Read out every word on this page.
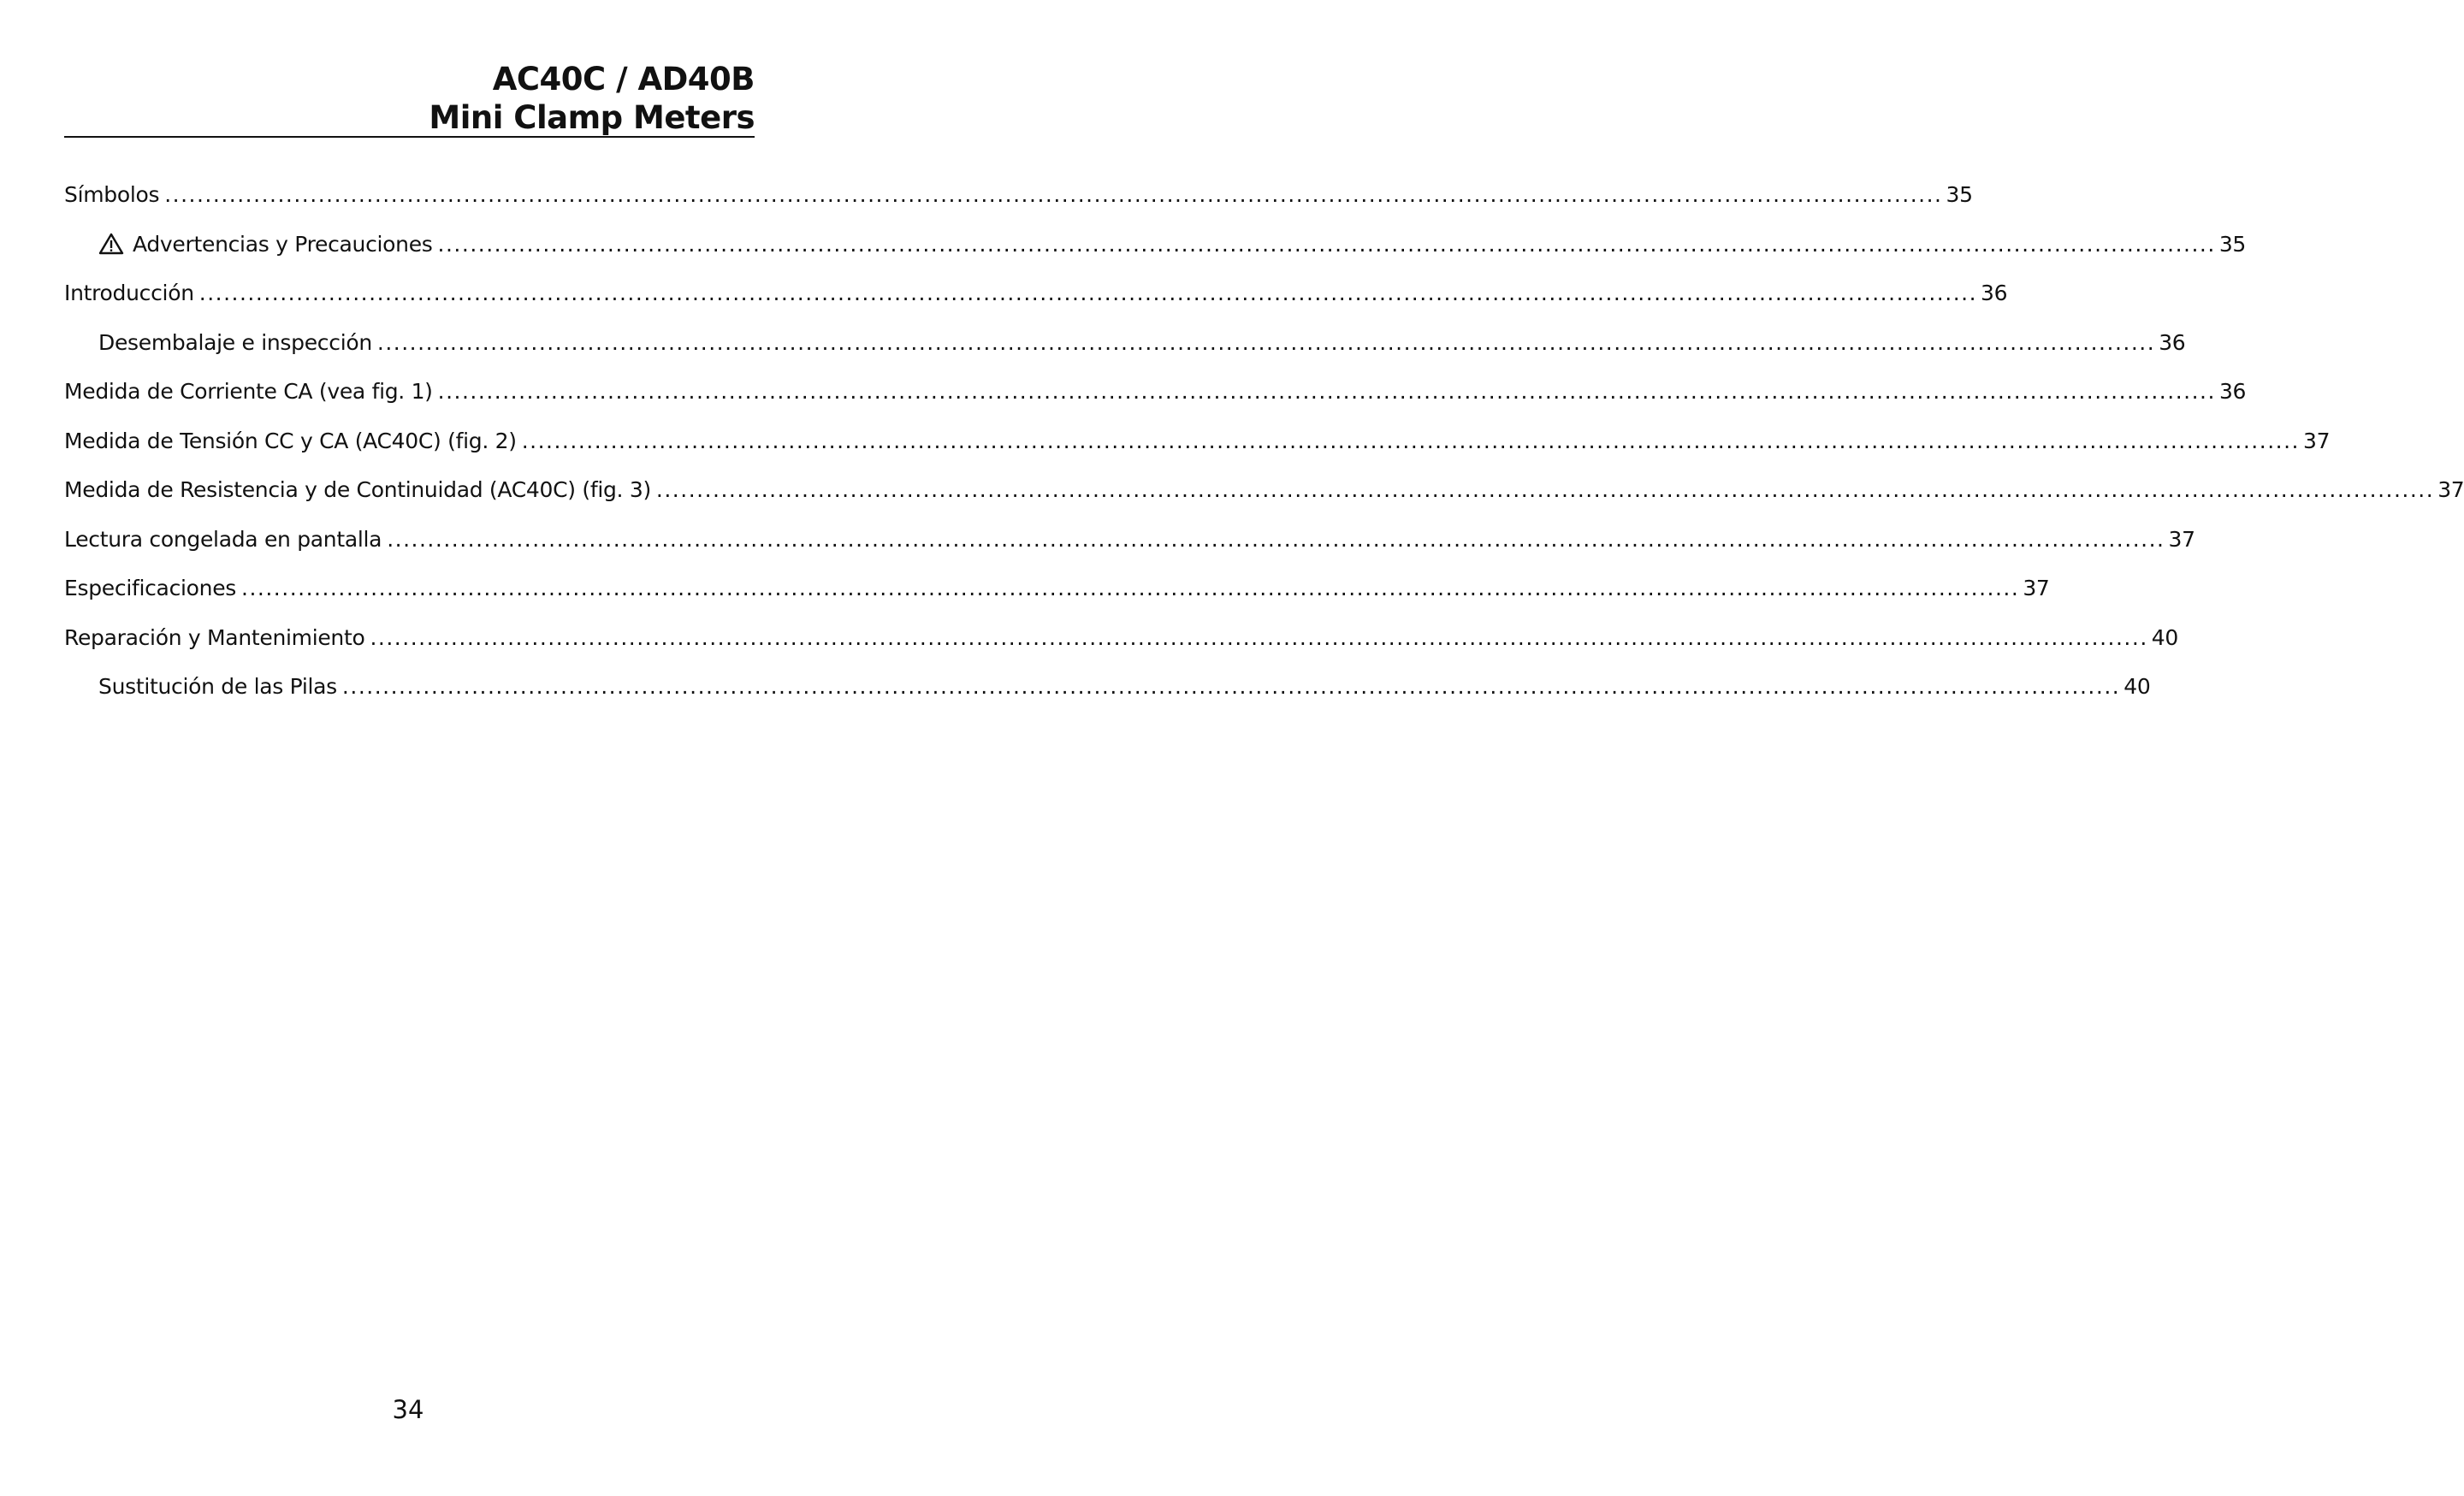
AC40C / AD40B
Mini Clamp Meters
Símbolos ............................................................................................................................................................................................................................ 35
Advertencias y Precauciones ............................................................................................................................................................................................................................ 35
Introducción ............................................................................................................................................................................................................................ 36
Desembalaje e inspección ............................................................................................................................................................................................................................ 36
Medida de Corriente CA (vea fig. 1) ............................................................................................................................................................................................................................ 36
Medida de Tensión CC y CA (AC40C) (fig. 2) ............................................................................................................................................................................................................................ 37
Medida de Resistencia y de Continuidad (AC40C) (fig. 3) ............................................................................................................................................................................................................................ 37
Lectura congelada en pantalla ............................................................................................................................................................................................................................ 37
Especificaciones ............................................................................................................................................................................................................................ 37
Reparación y Mantenimiento ............................................................................................................................................................................................................................ 40
Sustitución de las Pilas ............................................................................................................................................................................................................................ 40
34
